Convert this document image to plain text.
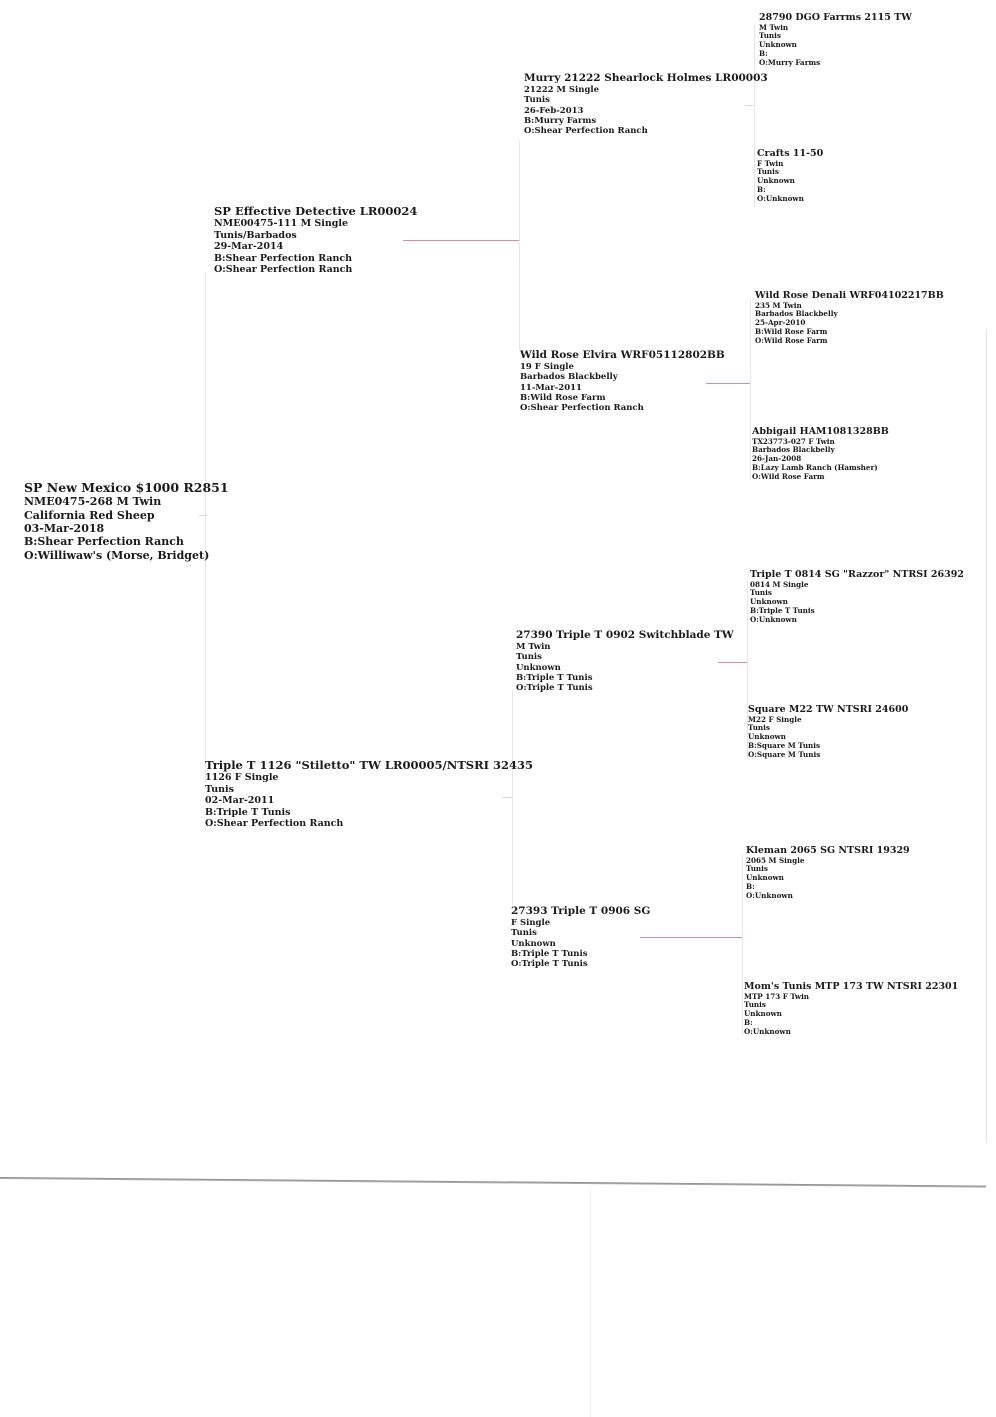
SP New Mexico $1000 R2851
NME0475-268 M Twin
California Red Sheep
03-Mar-2018
B:Shear Perfection Ranch
O:Williwaw's (Morse, Bridget)
SP Effective Detective LR00024
NME00475-111 M Single
Tunis/Barbados
29-Mar-2014
B:Shear Perfection Ranch
O:Shear Perfection Ranch
Triple T 1126 "Stiletto" TW LR00005/NTSRI 32435
1126 F Single
Tunis
02-Mar-2011
B:Triple T Tunis
O:Shear Perfection Ranch
Murry 21222 Shearlock Holmes LR00003
21222 M Single
Tunis
26-Feb-2013
B:Murry Farms
O:Shear Perfection Ranch
Wild Rose Elvira WRF05112802BB
19 F Single
Barbados Blackbelly
11-Mar-2011
B:Wild Rose Farm
O:Shear Perfection Ranch
27390 Triple T 0902 Switchblade TW
M Twin
Tunis
Unknown
B:Triple T Tunis
O:Triple T Tunis
27393 Triple T 0906 SG
F Single
Tunis
Unknown
B:Triple T Tunis
O:Triple T Tunis
28790 DGO Farrms 2115 TW
M Twin
Tunis
Unknown
B:
O:Murry Farms
Crafts 11-50
F Twin
Tunis
Unknown
B:
O:Unknown
Wild Rose Denali WRF04102217BB
235 M Twin
Barbados Blackbelly
25-Apr-2010
B:Wild Rose Farm
O:Wild Rose Farm
Abbigail HAM1081328BB
TX23773-027 F Twin
Barbados Blackbelly
26-Jan-2008
B:Lazy Lamb Ranch (Hamsher)
O:Wild Rose Farm
Triple T 0814 SG "Razzor" NTRSI 26392
0814 M Single
Tunis
Unknown
B:Triple T Tunis
O:Unknown
Square M22 TW NTSRI 24600
M22 F Single
Tunis
Unknown
B:Square M Tunis
O:Square M Tunis
Kleman 2065 SG NTSRI 19329
2065 M Single
Tunis
Unknown
B:
O:Unknown
Mom's Tunis MTP 173 TW NTSRI 22301
MTP 173 F Twin
Tunis
Unknown
B:
O:Unknown
